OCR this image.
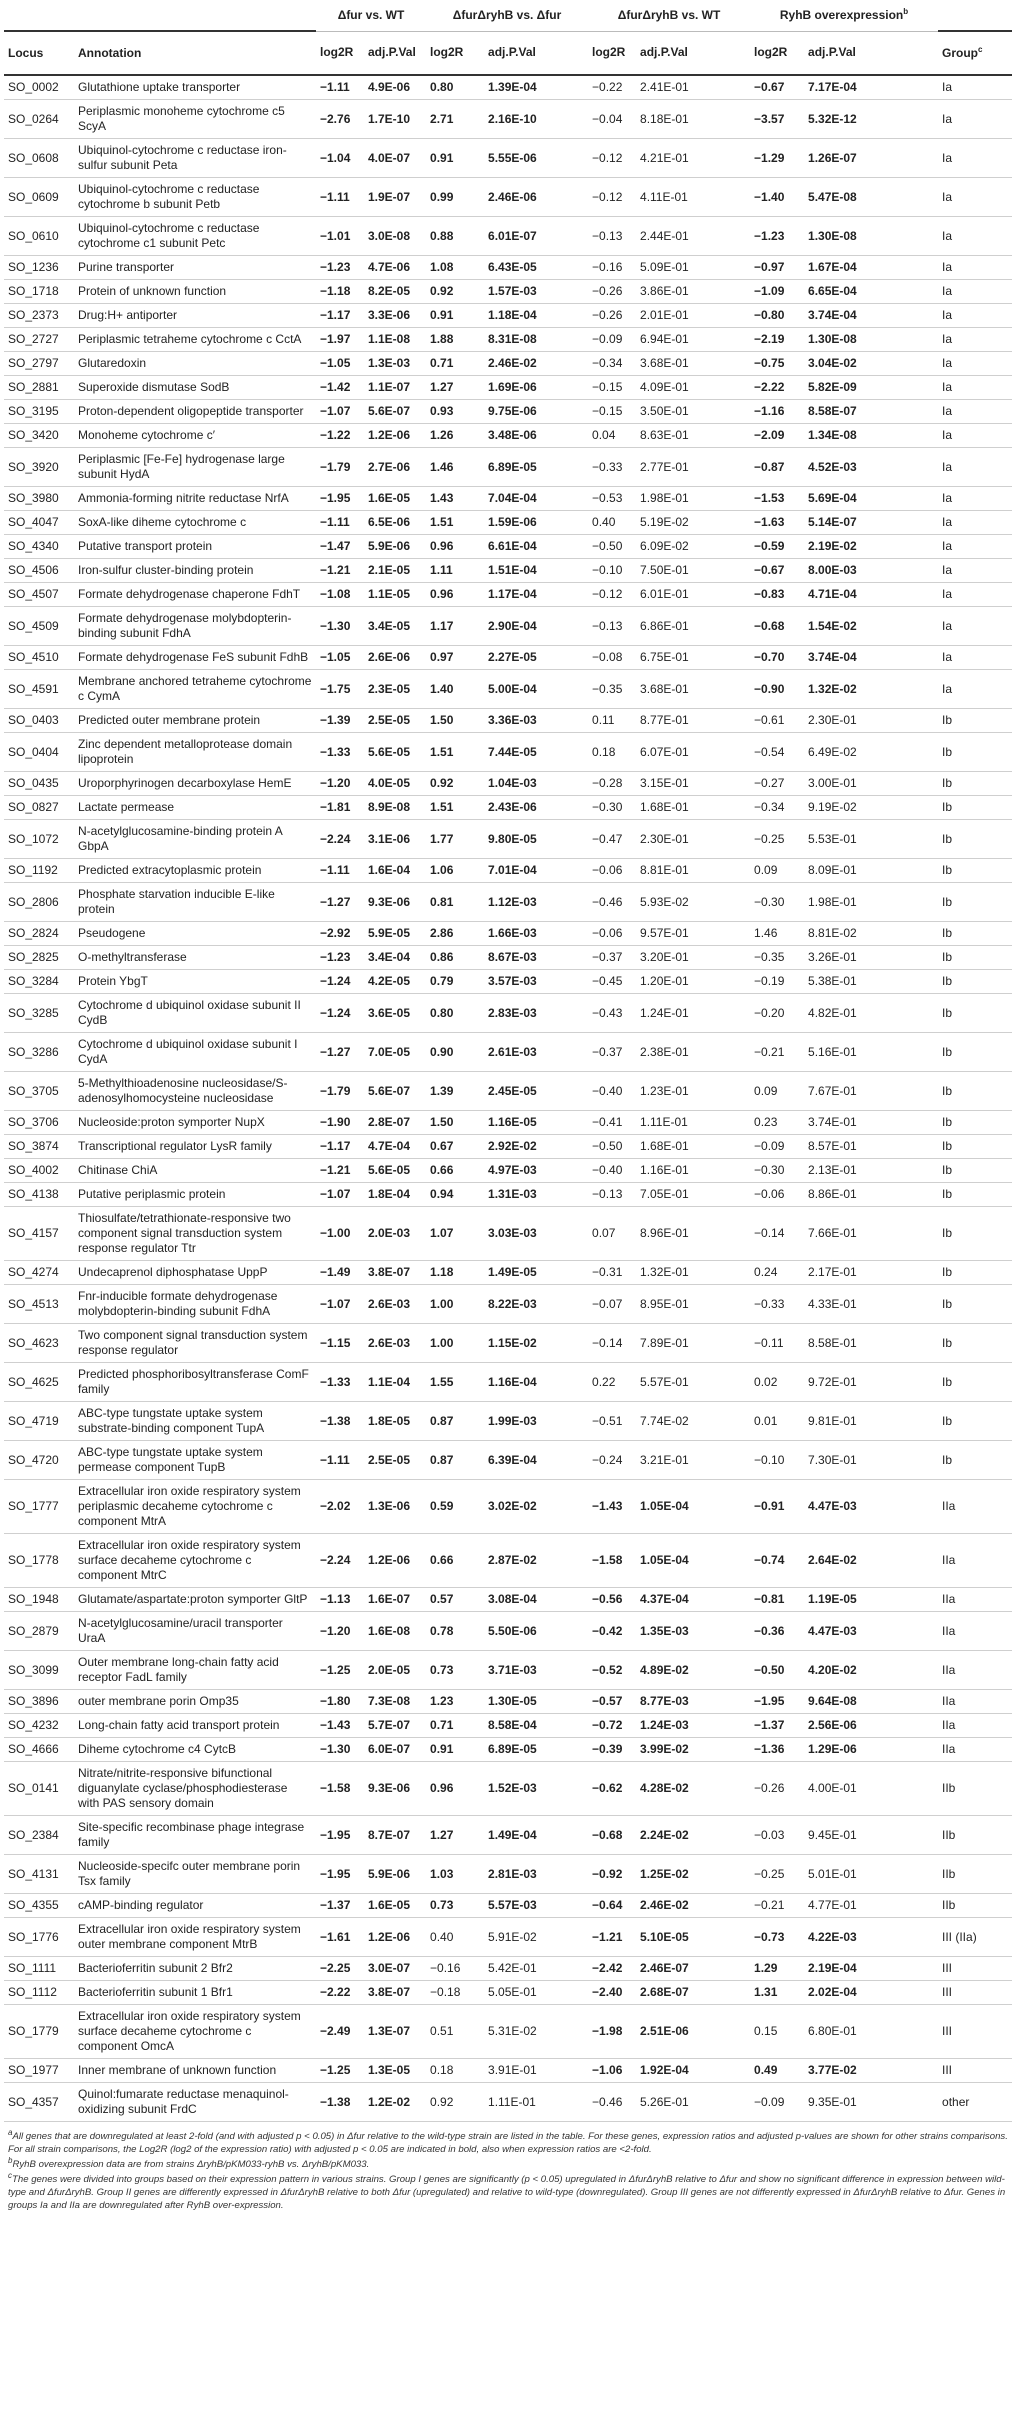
		Δfur vs. WT		ΔfurΔryhB vs. Δfur		ΔfurΔryhB vs. WT		RyhB overexpression$^b$	
Locus	Annotation	log2R	adj.P.Val	log2R	adj.P.Val	log2R	adj.P.Val	log2R	adj.P.Val	Group$^c$
SO_0002	Glutathione uptake transporter	−1.11	4.9E-06	0.80	1.39E-04	−0.22	2.41E-01	−0.67	7.17E-04	Ia
SO_0264	Periplasmic monoheme cytochrome c5 ScyA	−2.76	1.7E-10	2.71	2.16E-10	−0.04	8.18E-01	−3.57	5.32E-12	Ia
SO_0608	Ubiquinol-cytochrome c reductase iron-sulfur subunit Peta	−1.04	4.0E-07	0.91	5.55E-06	−0.12	4.21E-01	−1.29	1.26E-07	Ia
SO_0609	Ubiquinol-cytochrome c reductase cytochrome b subunit Petb	−1.11	1.9E-07	0.99	2.46E-06	−0.12	4.11E-01	−1.40	5.47E-08	Ia
SO_0610	Ubiquinol-cytochrome c reductase cytochrome c1 subunit Petc	−1.01	3.0E-08	0.88	6.01E-07	−0.13	2.44E-01	−1.23	1.30E-08	Ia
SO_1236	Purine transporter	−1.23	4.7E-06	1.08	6.43E-05	−0.16	5.09E-01	−0.97	1.67E-04	Ia
SO_1718	Protein of unknown function	−1.18	8.2E-05	0.92	1.57E-03	−0.26	3.86E-01	−1.09	6.65E-04	Ia
SO_2373	Drug:H+ antiporter	−1.17	3.3E-06	0.91	1.18E-04	−0.26	2.01E-01	−0.80	3.74E-04	Ia
SO_2727	Periplasmic tetraheme cytochrome c CctA	−1.97	1.1E-08	1.88	8.31E-08	−0.09	6.94E-01	−2.19	1.30E-08	Ia
SO_2797	Glutaredoxin	−1.05	1.3E-03	0.71	2.46E-02	−0.34	3.68E-01	−0.75	3.04E-02	Ia
SO_2881	Superoxide dismutase SodB	−1.42	1.1E-07	1.27	1.69E-06	−0.15	4.09E-01	−2.22	5.82E-09	Ia
SO_3195	Proton-dependent oligopeptide transporter	−1.07	5.6E-07	0.93	9.75E-06	−0.15	3.50E-01	−1.16	8.58E-07	Ia
SO_3420	Monoheme cytochrome c′	−1.22	1.2E-06	1.26	3.48E-06	0.04	8.63E-01	−2.09	1.34E-08	Ia
SO_3920	Periplasmic [Fe-Fe] hydrogenase large subunit HydA	−1.79	2.7E-06	1.46	6.89E-05	−0.33	2.77E-01	−0.87	4.52E-03	Ia
SO_3980	Ammonia-forming nitrite reductase NrfA	−1.95	1.6E-05	1.43	7.04E-04	−0.53	1.98E-01	−1.53	5.69E-04	Ia
SO_4047	SoxA-like diheme cytochrome c	−1.11	6.5E-06	1.51	1.59E-06	0.40	5.19E-02	−1.63	5.14E-07	Ia
SO_4340	Putative transport protein	−1.47	5.9E-06	0.96	6.61E-04	−0.50	6.09E-02	−0.59	2.19E-02	Ia
SO_4506	Iron-sulfur cluster-binding protein	−1.21	2.1E-05	1.11	1.51E-04	−0.10	7.50E-01	−0.67	8.00E-03	Ia
SO_4507	Formate dehydrogenase chaperone FdhT	−1.08	1.1E-05	0.96	1.17E-04	−0.12	6.01E-01	−0.83	4.71E-04	Ia
SO_4509	Formate dehydrogenase molybdopterin-binding subunit FdhA	−1.30	3.4E-05	1.17	2.90E-04	−0.13	6.86E-01	−0.68	1.54E-02	Ia
SO_4510	Formate dehydrogenase FeS subunit FdhB	−1.05	2.6E-06	0.97	2.27E-05	−0.08	6.75E-01	−0.70	3.74E-04	Ia
SO_4591	Membrane anchored tetraheme cytochrome c CymA	−1.75	2.3E-05	1.40	5.00E-04	−0.35	3.68E-01	−0.90	1.32E-02	Ia
SO_0403	Predicted outer membrane protein	−1.39	2.5E-05	1.50	3.36E-03	0.11	8.77E-01	−0.61	2.30E-01	Ib
SO_0404	Zinc dependent metalloprotease domain lipoprotein	−1.33	5.6E-05	1.51	7.44E-05	0.18	6.07E-01	−0.54	6.49E-02	Ib
SO_0435	Uroporphyrinogen decarboxylase HemE	−1.20	4.0E-05	0.92	1.04E-03	−0.28	3.15E-01	−0.27	3.00E-01	Ib
SO_0827	Lactate permease	−1.81	8.9E-08	1.51	2.43E-06	−0.30	1.68E-01	−0.34	9.19E-02	Ib
SO_1072	N-acetylglucosamine-binding protein A GbpA	−2.24	3.1E-06	1.77	9.80E-05	−0.47	2.30E-01	−0.25	5.53E-01	Ib
SO_1192	Predicted extracytoplasmic protein	−1.11	1.6E-04	1.06	7.01E-04	−0.06	8.81E-01	0.09	8.09E-01	Ib
SO_2806	Phosphate starvation inducible E-like protein	−1.27	9.3E-06	0.81	1.12E-03	−0.46	5.93E-02	−0.30	1.98E-01	Ib
SO_2824	Pseudogene	−2.92	5.9E-05	2.86	1.66E-03	−0.06	9.57E-01	1.46	8.81E-02	Ib
SO_2825	O-methyltransferase	−1.23	3.4E-04	0.86	8.67E-03	−0.37	3.20E-01	−0.35	3.26E-01	Ib
SO_3284	Protein YbgT	−1.24	4.2E-05	0.79	3.57E-03	−0.45	1.20E-01	−0.19	5.38E-01	Ib
SO_3285	Cytochrome d ubiquinol oxidase subunit II CydB	−1.24	3.6E-05	0.80	2.83E-03	−0.43	1.24E-01	−0.20	4.82E-01	Ib
SO_3286	Cytochrome d ubiquinol oxidase subunit I CydA	−1.27	7.0E-05	0.90	2.61E-03	−0.37	2.38E-01	−0.21	5.16E-01	Ib
SO_3705	5-Methylthioadenosine nucleosidase/S-adenosylhomocysteine nucleosidase	−1.79	5.6E-07	1.39	2.45E-05	−0.40	1.23E-01	0.09	7.67E-01	Ib
SO_3706	Nucleoside:proton symporter NupX	−1.90	2.8E-07	1.50	1.16E-05	−0.41	1.11E-01	0.23	3.74E-01	Ib
SO_3874	Transcriptional regulator LysR family	−1.17	4.7E-04	0.67	2.92E-02	−0.50	1.68E-01	−0.09	8.57E-01	Ib
SO_4002	Chitinase ChiA	−1.21	5.6E-05	0.66	4.97E-03	−0.40	1.16E-01	−0.30	2.13E-01	Ib
SO_4138	Putative periplasmic protein	−1.07	1.8E-04	0.94	1.31E-03	−0.13	7.05E-01	−0.06	8.86E-01	Ib
SO_4157	Thiosulfate/tetrathionate-responsive two component signal transduction system response regulator Ttr	−1.00	2.0E-03	1.07	3.03E-03	0.07	8.96E-01	−0.14	7.66E-01	Ib
SO_4274	Undecaprenol diphosphatase UppP	−1.49	3.8E-07	1.18	1.49E-05	−0.31	1.32E-01	0.24	2.17E-01	Ib
SO_4513	Fnr-inducible formate dehydrogenase molybdopterin-binding subunit FdhA	−1.07	2.6E-03	1.00	8.22E-03	−0.07	8.95E-01	−0.33	4.33E-01	Ib
SO_4623	Two component signal transduction system response regulator	−1.15	2.6E-03	1.00	1.15E-02	−0.14	7.89E-01	−0.11	8.58E-01	Ib
SO_4625	Predicted phosphoribosyltransferase ComF family	−1.33	1.1E-04	1.55	1.16E-04	0.22	5.57E-01	0.02	9.72E-01	Ib
SO_4719	ABC-type tungstate uptake system substrate-binding component TupA	−1.38	1.8E-05	0.87	1.99E-03	−0.51	7.74E-02	0.01	9.81E-01	Ib
SO_4720	ABC-type tungstate uptake system permease component TupB	−1.11	2.5E-05	0.87	6.39E-04	−0.24	3.21E-01	−0.10	7.30E-01	Ib
SO_1777	Extracellular iron oxide respiratory system periplasmic decaheme cytochrome c component MtrA	−2.02	1.3E-06	0.59	3.02E-02	−1.43	1.05E-04	−0.91	4.47E-03	IIa
SO_1778	Extracellular iron oxide respiratory system surface decaheme cytochrome c component MtrC	−2.24	1.2E-06	0.66	2.87E-02	−1.58	1.05E-04	−0.74	2.64E-02	IIa
SO_1948	Glutamate/aspartate:proton symporter GltP	−1.13	1.6E-07	0.57	3.08E-04	−0.56	4.37E-04	−0.81	1.19E-05	IIa
SO_2879	N-acetylglucosamine/uracil transporter UraA	−1.20	1.6E-08	0.78	5.50E-06	−0.42	1.35E-03	−0.36	4.47E-03	IIa
SO_3099	Outer membrane long-chain fatty acid receptor FadL family	−1.25	2.0E-05	0.73	3.71E-03	−0.52	4.89E-02	−0.50	4.20E-02	IIa
SO_3896	outer membrane porin Omp35	−1.80	7.3E-08	1.23	1.30E-05	−0.57	8.77E-03	−1.95	9.64E-08	IIa
SO_4232	Long-chain fatty acid transport protein	−1.43	5.7E-07	0.71	8.58E-04	−0.72	1.24E-03	−1.37	2.56E-06	IIa
SO_4666	Diheme cytochrome c4 CytcB	−1.30	6.0E-07	0.91	6.89E-05	−0.39	3.99E-02	−1.36	1.29E-06	IIa
SO_0141	Nitrate/nitrite-responsive bifunctional diguanylate cyclase/phosphodiesterase with PAS sensory domain	−1.58	9.3E-06	0.96	1.52E-03	−0.62	4.28E-02	−0.26	4.00E-01	IIb
SO_2384	Site-specific recombinase phage integrase family	−1.95	8.7E-07	1.27	1.49E-04	−0.68	2.24E-02	−0.03	9.45E-01	IIb
SO_4131	Nucleoside-specifc outer membrane porin Tsx family	−1.95	5.9E-06	1.03	2.81E-03	−0.92	1.25E-02	−0.25	5.01E-01	IIb
SO_4355	cAMP-binding regulator	−1.37	1.6E-05	0.73	5.57E-03	−0.64	2.46E-02	−0.21	4.77E-01	IIb
SO_1776	Extracellular iron oxide respiratory system outer membrane component MtrB	−1.61	1.2E-06	0.40	5.91E-02	−1.21	5.10E-05	−0.73	4.22E-03	III (IIa)
SO_1111	Bacterioferritin subunit 2 Bfr2	−2.25	3.0E-07	−0.16	5.42E-01	−2.42	2.46E-07	1.29	2.19E-04	III
SO_1112	Bacterioferritin subunit 1 Bfr1	−2.22	3.8E-07	−0.18	5.05E-01	−2.40	2.68E-07	1.31	2.02E-04	III
SO_1779	Extracellular iron oxide respiratory system surface decaheme cytochrome c component OmcA	−2.49	1.3E-07	0.51	5.31E-02	−1.98	2.51E-06	0.15	6.80E-01	III
SO_1977	Inner membrane of unknown function	−1.25	1.3E-05	0.18	3.91E-01	−1.06	1.92E-04	0.49	3.77E-02	III
SO_4357	Quinol:fumarate reductase menaquinol-oxidizing subunit FrdC	−1.38	1.2E-02	0.92	1.11E-01	−0.46	5.26E-01	−0.09	9.35E-01	other

$^a$All genes that are downregulated at least 2-fold (and with adjusted p < 0.05) in Δfur relative to the wild-type strain are listed in the table. For these genes, expression ratios and adjusted p-values are shown for other strains comparisons. For all strain comparisons, the Log2R (log2 of the expression ratio) with adjusted p < 0.05 are indicated in bold, also when expression ratios are <2-fold.

$^b$RyhB overexpression data are from strains ΔryhB/pKM033-ryhB vs. ΔryhB/pKM033.

$^c$The genes were divided into groups based on their expression pattern in various strains. Group I genes are significantly (p < 0.05) upregulated in ΔfurΔryhB relative to Δfur and show no significant difference in expression between wild-type and ΔfurΔryhB. Group II genes are differently expressed in ΔfurΔryhB relative to both Δfur (upregulated) and relative to wild-type (downregulated). Group III genes are not differently expressed in ΔfurΔryhB relative to Δfur. Genes in groups Ia and IIa are downregulated after RyhB over-expression.
